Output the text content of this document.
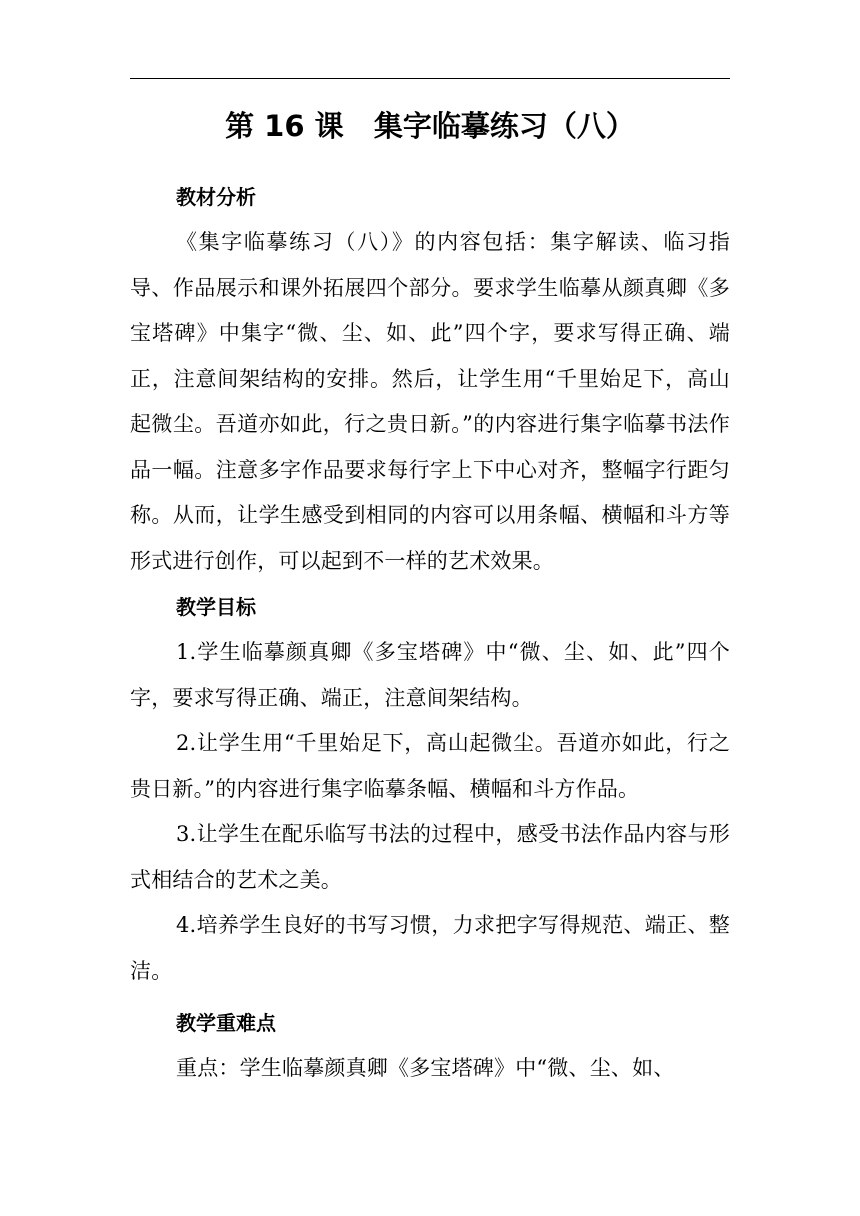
第 16 课   集字临摹练习（八）
教材分析

《集字临摹练习（八）》的内容包括：集字解读、临习指导、作品展示和课外拓展四个部分。要求学生临摹从颜真卿《多宝塔碑》中集字“微、尘、如、此”四个字，要求写得正确、端正，注意间架结构的安排。然后，让学生用“千里始足下，高山起微尘。吾道亦如此，行之贵日新。”的内容进行集字临摹书法作品一幅。注意多字作品要求每行字上下中心对齐，整幅字行距匀称。从而，让学生感受到相同的内容可以用条幅、横幅和斗方等形式进行创作，可以起到不一样的艺术效果。

教学目标

1.学生临摹颜真卿《多宝塔碑》中“微、尘、如、此”四个字，要求写得正确、端正，注意间架结构。

2.让学生用“千里始足下，高山起微尘。吾道亦如此，行之贵日新。”的内容进行集字临摹条幅、横幅和斗方作品。

3.让学生在配乐临写书法的过程中，感受书法作品内容与形式相结合的艺术之美。

4.培养学生良好的书写习惯，力求把字写得规范、端正、整洁。

教学重难点

重点：学生临摹颜真卿《多宝塔碑》中“微、尘、如、
